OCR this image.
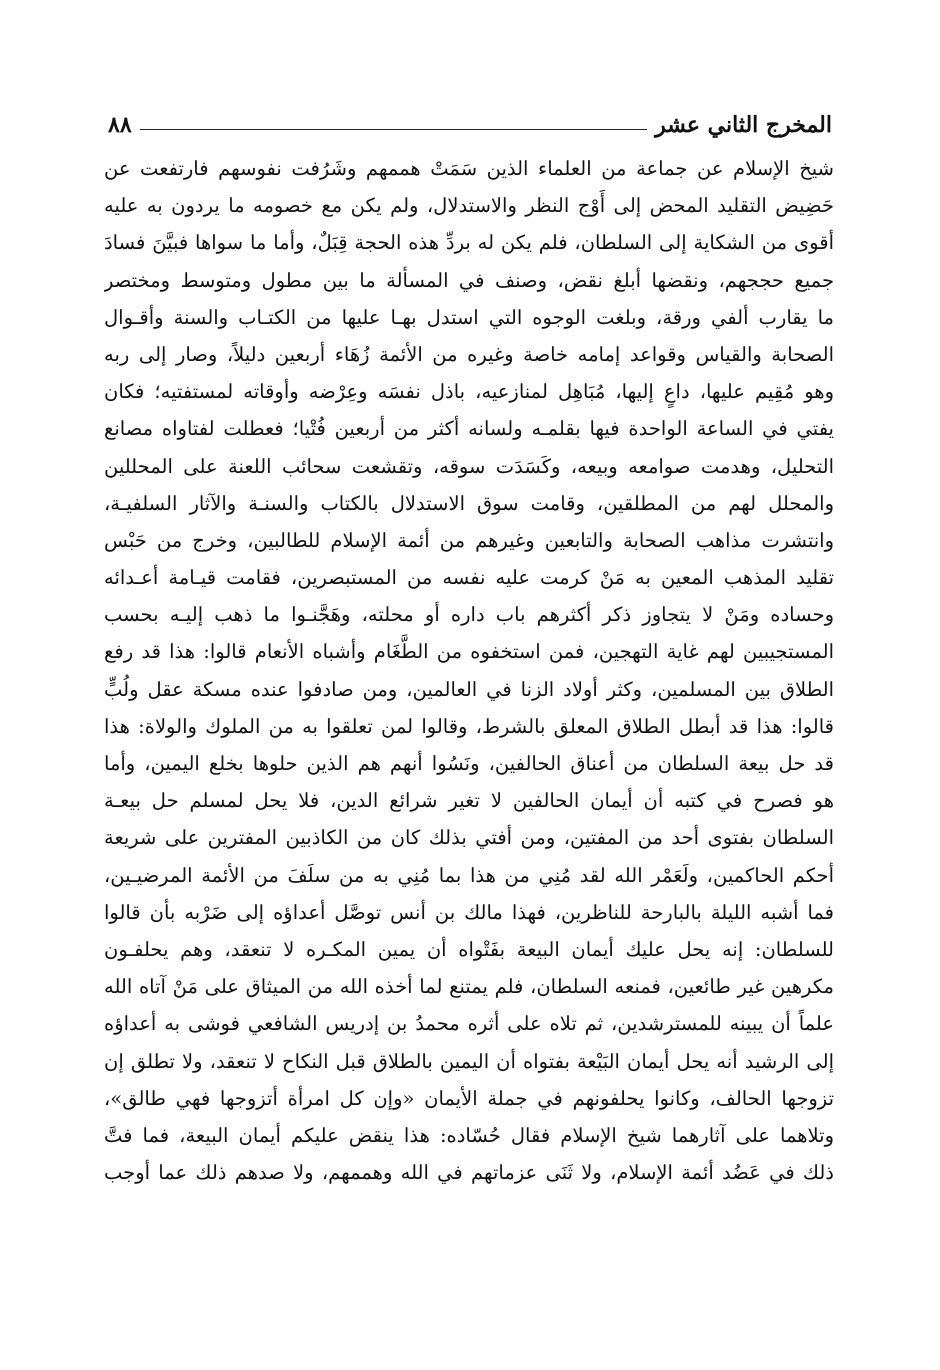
المخرج الثاني عشر
٨٨
شيخ الإسلام عن جماعة من العلماء الذين سَمَتْ هممهم وشَرُفت نفوسهم فارتفعت عن
حَضِيض التقليد المحض إلى أَوْج النظر والاستدلال، ولم يكن مع خصومه ما يردون به عليه
أقوى من الشكاية إلى السلطان، فلم يكن له بردِّ هذه الحجة قِبَلٌ، وأما ما سواها فبيَّنَ فسادَ
جميع حججهم، ونقضها أبلغ نقض، وصنف في المسألة ما بين مطول ومتوسط ومختصر
ما يقارب ألفي ورقة، وبلغت الوجوه التي استدل بهـا عليها من الكتـاب والسنة وأقـوال
الصحابة والقياس وقواعد إمامه خاصة وغيره من الأئمة زُهَاء أربعين دليلاً، وصار إلى ربه
وهو مُقِيم عليها، داعٍ إليها، مُبَاهِل لمنازعيه، باذل نفسَه وعِرْضه وأوقاته لمستفتيه؛ فكان
يفتي في الساعة الواحدة فيها بقلمـه ولسانه أكثر من أربعين فُتْيا؛ فعطلت لفتاواه مصانع
التحليل، وهدمت صوامعه وبيعه، وكَسَدَت سوقه، وتقشعت سحائب اللعنة على المحللين
والمحلل لهم من المطلقين، وقامت سوق الاستدلال بالكتاب والسنـة والآثار السلفيـة،
وانتشرت مذاهب الصحابة والتابعين وغيرهم من أئمة الإسلام للطالبين، وخرج من حَبْس
تقليد المذهب المعين به مَنْ كرمت عليه نفسه من المستبصرين، فقامت قيـامة أعـدائه
وحساده ومَنْ لا يتجاوز ذكر أكثرهم باب داره أو محلته، وهَجَّنـوا ما ذهب إليـه بحسب
المستجيبين لهم غاية التهجين، فمن استخفوه من الطَّغَام وأشباه الأنعام قالوا: هذا قد رفع
الطلاق بين المسلمين، وكثر أولاد الزنا في العالمين، ومن صادفوا عنده مسكة عقل ولُبٍّ
قالوا: هذا قد أبطل الطلاق المعلق بالشرط، وقالوا لمن تعلقوا به من الملوك والولاة: هذا
قد حل بيعة السلطان من أعناق الحالفين، ونَسُوا أنهم هم الذين حلوها بخلع اليمين، وأما
هو فصرح في كتبه أن أيمان الحالفين لا تغير شرائع الدين، فلا يحل لمسلم حل بيعـة
السلطان بفتوى أحد من المفتين، ومن أفتي بذلك كان من الكاذبين المفترين على شريعة
أحكم الحاكمين، ولَعَمْر الله لقد مُنِي من هذا بما مُنِي به من سلَفَ من الأئمة المرضيـين،
فما أشبه الليلة بالبارحة للناظرين، فهذا مالك بن أنس توصَّل أعداؤه إلى ضَرْبه بأن قالوا
للسلطان: إنه يحل عليك أيمان البيعة بفَتْواه أن يمين المكـره لا تنعقد، وهم يحلفـون
مكرهين غير طائعين، فمنعه السلطان، فلم يمتنع لما أخذه الله من الميثاق على مَنْ آتاه الله
علماً أن يبينه للمسترشدين، ثم تلاه على أثره محمدُ بن إدريس الشافعي فوشى به أعداؤه
إلى الرشيد أنه يحل أيمان البَيْعة بفتواه أن اليمين بالطلاق قبل النكاح لا تنعقد، ولا تطلق إن
تزوجها الحالف، وكانوا يحلفونهم في جملة الأيمان «وإن كل امرأة أتزوجها فهي طالق»،
وتلاهما على آثارهما شيخ الإسلام فقال حُسّاده: هذا ينقض عليكم أيمان البيعة، فما فتَّ
ذلك في عَضُد أئمة الإسلام، ولا ثَنَى عزماتهم في الله وهممهم، ولا صدهم ذلك عما أوجب
